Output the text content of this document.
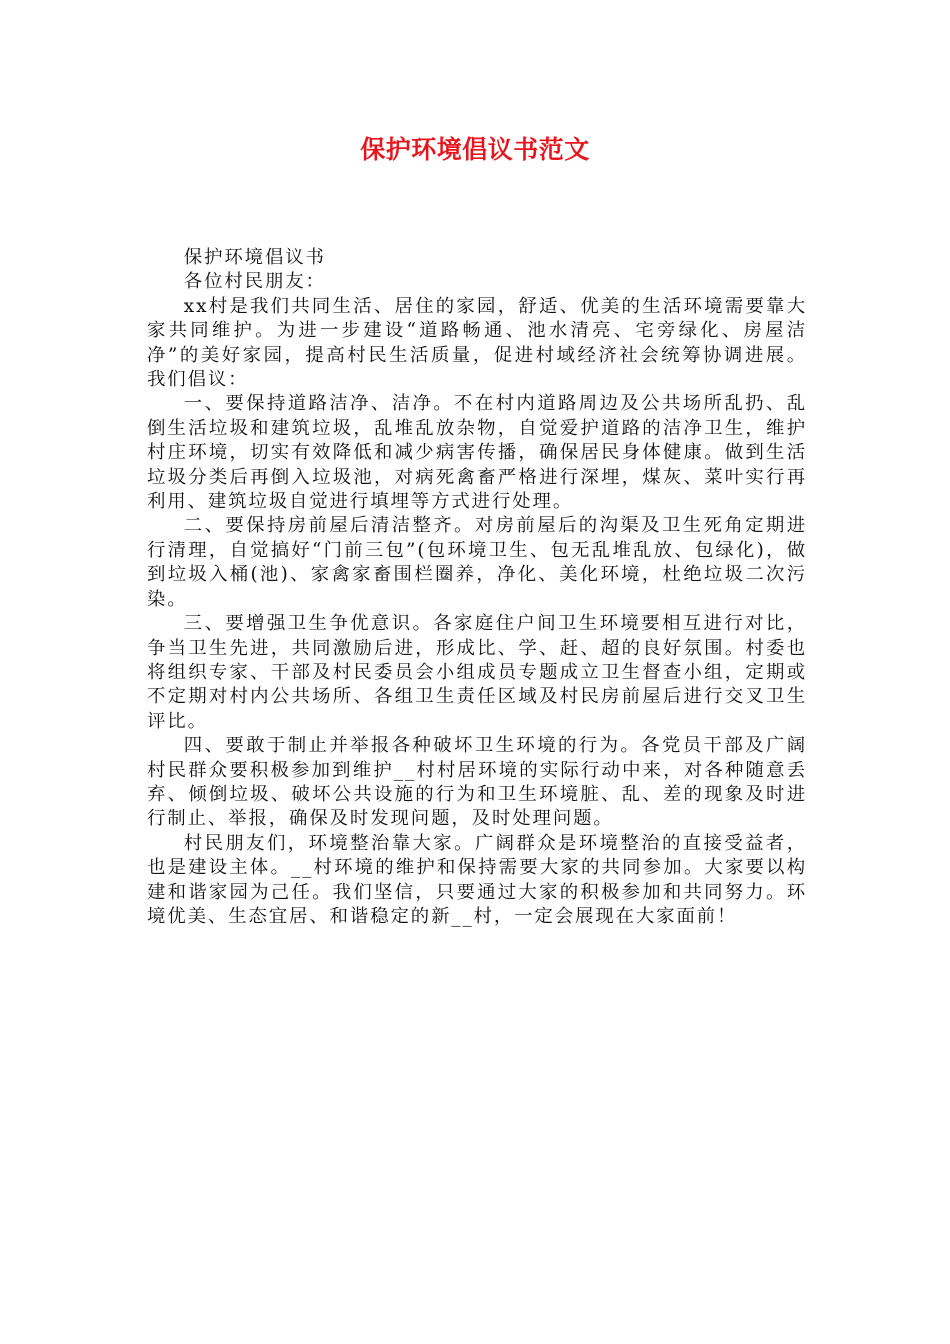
保护环境倡议书范文

保护环境倡议书

各位村民朋友：

xx村是我们共同生活、居住的家园，舒适、优美的生活环境需要靠大家共同维护。为进一步建设“道路畅通、池水清亮、宅旁绿化、房屋洁净”的美好家园，提高村民生活质量，促进村域经济社会统筹协调进展。我们倡议：

一、要保持道路洁净、洁净。不在村内道路周边及公共场所乱扔、乱倒生活垃圾和建筑垃圾，乱堆乱放杂物，自觉爱护道路的洁净卫生，维护村庄环境，切实有效降低和减少病害传播，确保居民身体健康。做到生活垃圾分类后再倒入垃圾池，对病死禽畜严格进行深埋，煤灰、菜叶实行再利用、建筑垃圾自觉进行填埋等方式进行处理。

二、要保持房前屋后清洁整齐。对房前屋后的沟渠及卫生死角定期进行清理，自觉搞好“门前三包”(包环境卫生、包无乱堆乱放、包绿化)，做到垃圾入桶(池)、家禽家畜围栏圈养，净化、美化环境，杜绝垃圾二次污染。

三、要增强卫生争优意识。各家庭住户间卫生环境要相互进行对比，争当卫生先进，共同激励后进，形成比、学、赶、超的良好氛围。村委也将组织专家、干部及村民委员会小组成员专题成立卫生督查小组，定期或不定期对村内公共场所、各组卫生责任区域及村民房前屋后进行交叉卫生评比。

四、要敢于制止并举报各种破坏卫生环境的行为。各党员干部及广阔村民群众要积极参加到维护__村村居环境的实际行动中来，对各种随意丢弃、倾倒垃圾、破坏公共设施的行为和卫生环境脏、乱、差的现象及时进行制止、举报，确保及时发现问题，及时处理问题。

村民朋友们，环境整治靠大家。广阔群众是环境整治的直接受益者，也是建设主体。__村环境的维护和保持需要大家的共同参加。大家要以构建和谐家园为己任。我们坚信，只要通过大家的积极参加和共同努力。环境优美、生态宜居、和谐稳定的新__村，一定会展现在大家面前！
